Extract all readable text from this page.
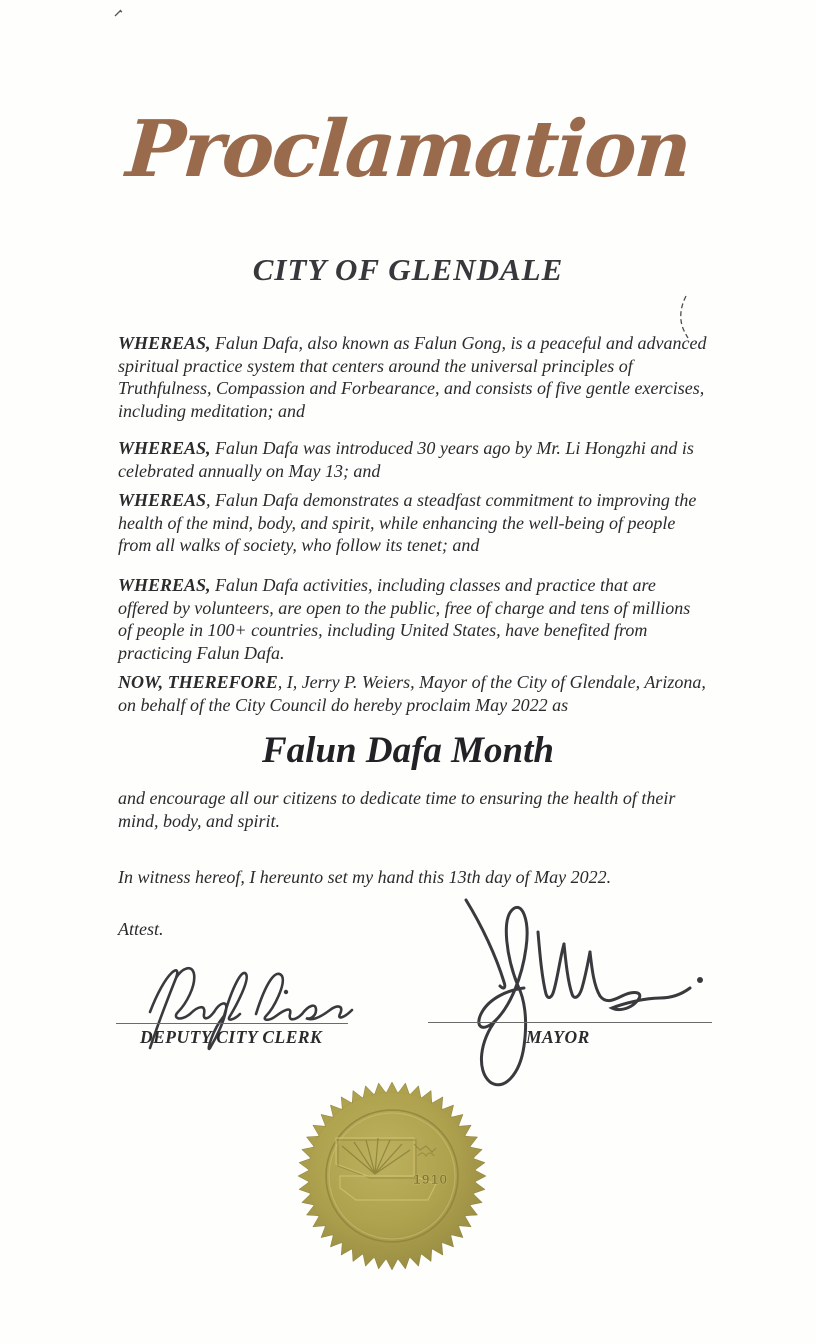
Proclamation
CITY OF GLENDALE

WHEREAS, Falun Dafa, also known as Falun Gong, is a peaceful and advanced spiritual practice system that centers around the universal principles of Truthfulness, Compassion and Forbearance, and consists of five gentle exercises, including meditation; and

WHEREAS, Falun Dafa was introduced 30 years ago by Mr. Li Hongzhi and is celebrated annually on May 13; and

WHEREAS, Falun Dafa demonstrates a steadfast commitment to improving the health of the mind, body, and spirit, while enhancing the well-being of people from all walks of society, who follow its tenet; and

WHEREAS, Falun Dafa activities, including classes and practice that are offered by volunteers, are open to the public, free of charge and tens of millions of people in 100+ countries, including United States, have benefited from practicing Falun Dafa.

NOW, THEREFORE, I, Jerry P. Weiers, Mayor of the City of Glendale, Arizona, on behalf of the City Council do hereby proclaim May 2022 as

Falun Dafa Month

and encourage all our citizens to dedicate time to ensuring the health of their mind, body, and spirit.

In witness hereof, I hereunto set my hand this 13th day of May 2022.

Attest.

DEPUTY CITY CLERK	MAYOR
1910
